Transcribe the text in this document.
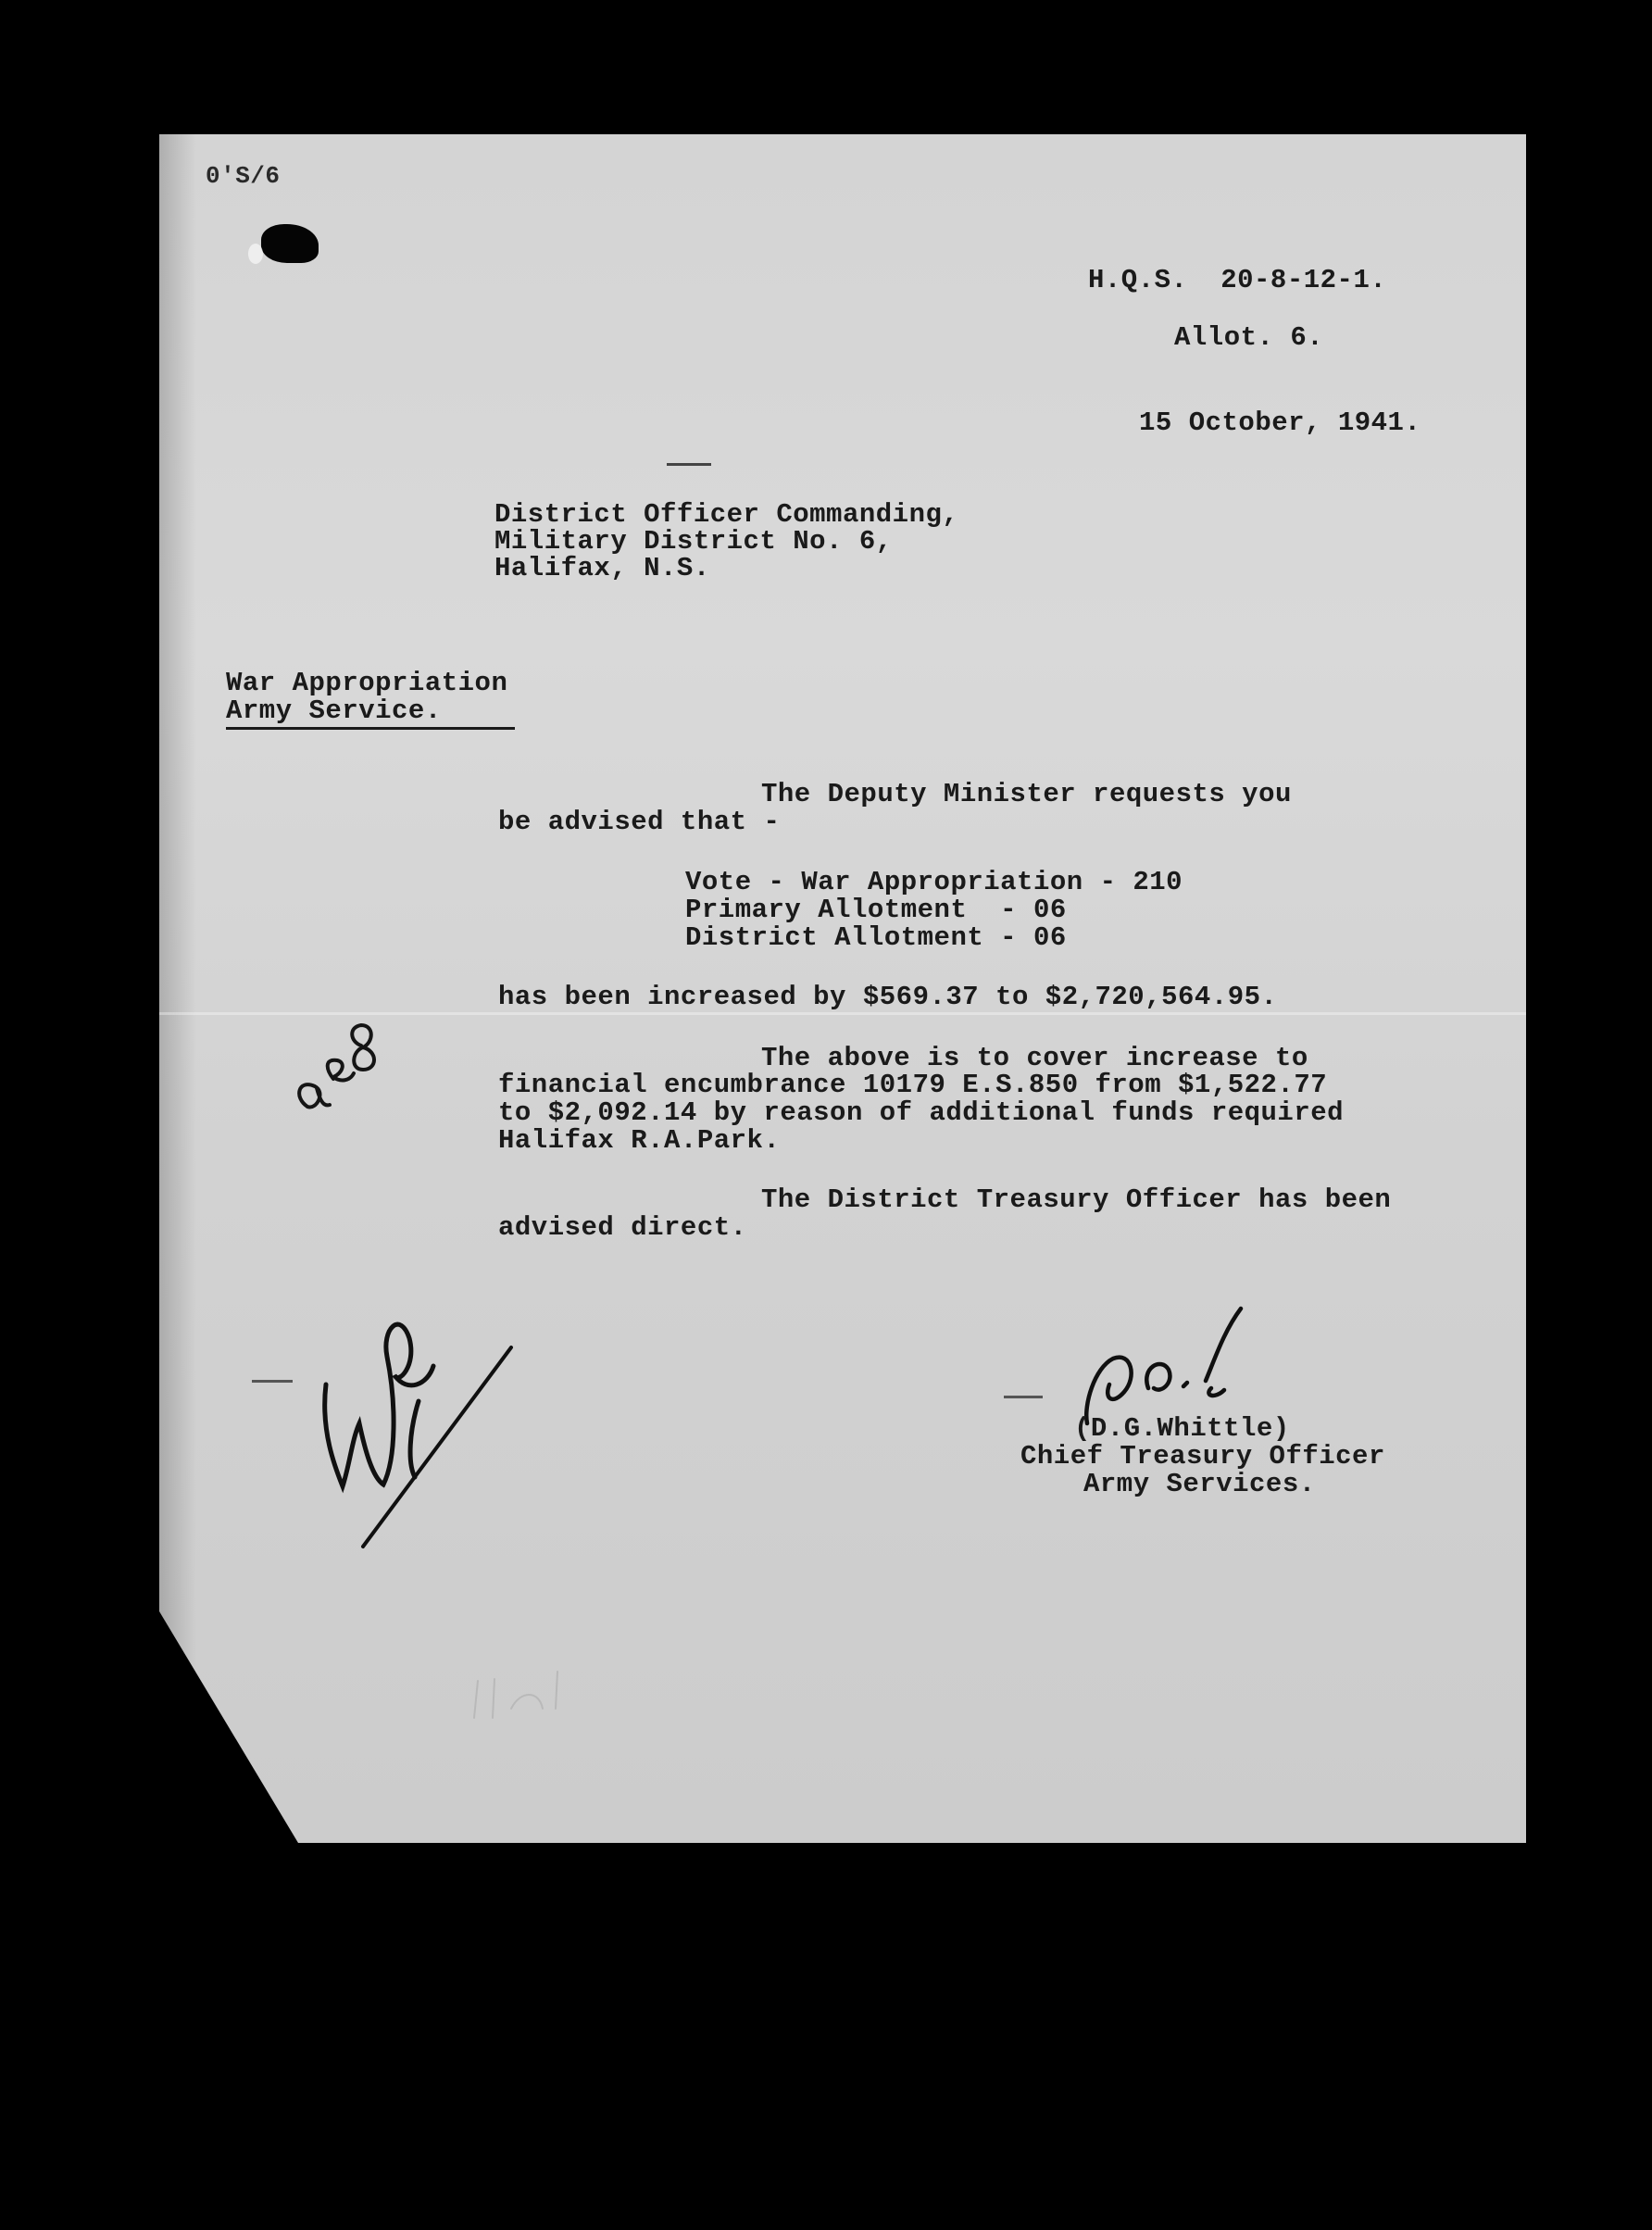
0'S/6
H.Q.S.  20-8-12-1.
Allot. 6.
15 October, 1941.
District Officer Commanding,
Military District No. 6,
Halifax, N.S.
War Appropriation
Army Service.
The Deputy Minister requests you
be advised that -
Vote - War Appropriation - 210
Primary Allotment  - 06
District Allotment - 06
has been increased by $569.37 to $2,720,564.95.
The above is to cover increase to
financial encumbrance 10179 E.S.850 from $1,522.77
to $2,092.14 by reason of additional funds required
Halifax R.A.Park.
The District Treasury Officer has been
advised direct.
(D.G.Whittle)
Chief Treasury Officer
Army Services.
